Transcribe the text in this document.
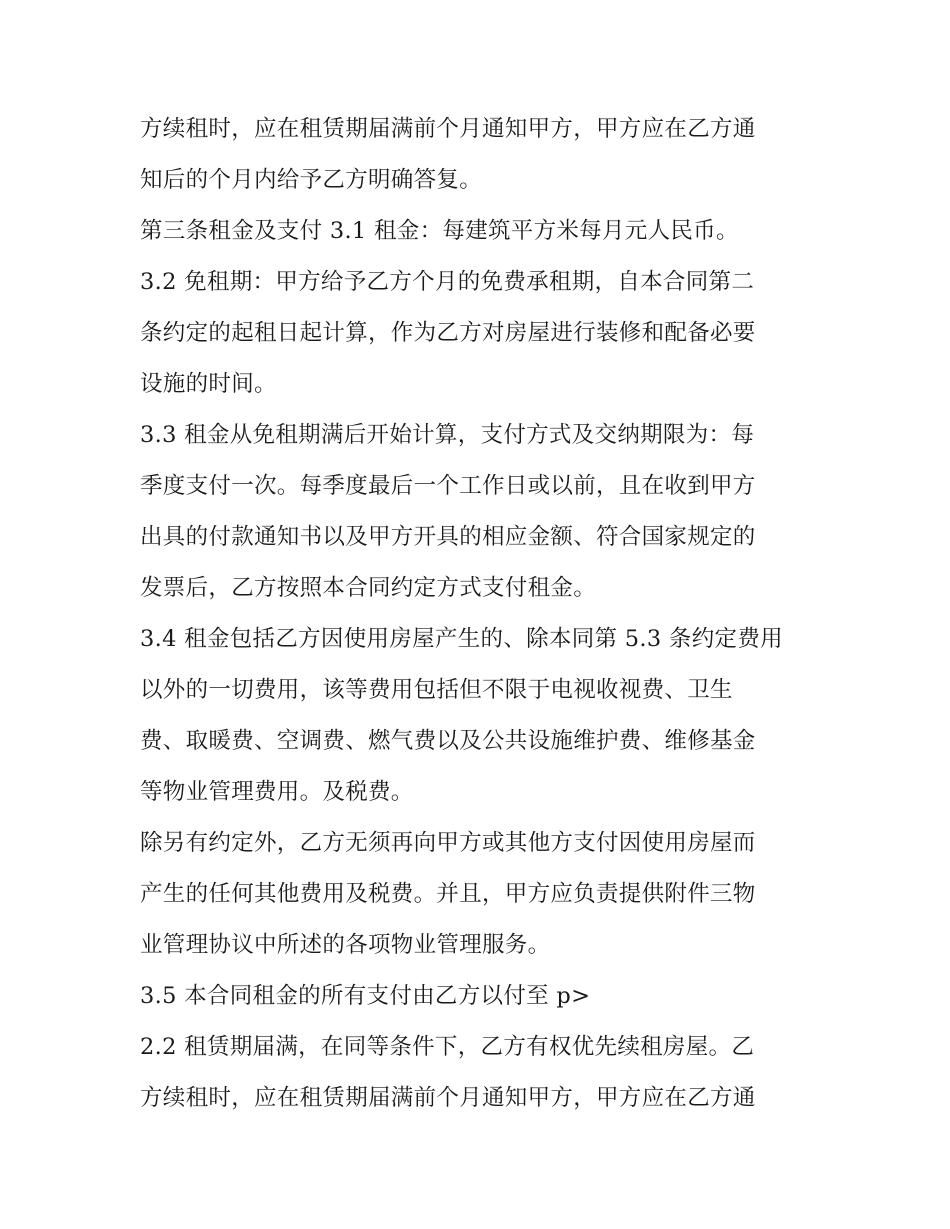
方续租时，应在租赁期届满前个月通知甲方，甲方应在乙方通
知后的个月内给予乙方明确答复。
第三条租金及支付 3.1 租金：每建筑平方米每月元人民币。
3.2 免租期：甲方给予乙方个月的免费承租期，自本合同第二
条约定的起租日起计算，作为乙方对房屋进行装修和配备必要
设施的时间。
3.3 租金从免租期满后开始计算，支付方式及交纳期限为：每
季度支付一次。每季度最后一个工作日或以前，且在收到甲方
出具的付款通知书以及甲方开具的相应金额、符合国家规定的
发票后，乙方按照本合同约定方式支付租金。
3.4 租金包括乙方因使用房屋产生的、除本同第 5.3 条约定费用
以外的一切费用，该等费用包括但不限于电视收视费、卫生
费、取暖费、空调费、燃气费以及公共设施维护费、维修基金
等物业管理费用。及税费。
除另有约定外，乙方无须再向甲方或其他方支付因使用房屋而
产生的任何其他费用及税费。并且，甲方应负责提供附件三物
业管理协议中所述的各项物业管理服务。
3.5 本合同租金的所有支付由乙方以付至 p>
2.2 租赁期届满，在同等条件下，乙方有权优先续租房屋。乙
方续租时，应在租赁期届满前个月通知甲方，甲方应在乙方通
